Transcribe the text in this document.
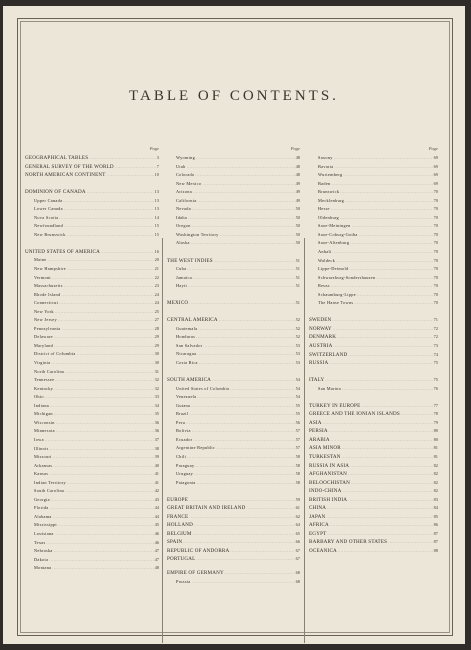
TABLE OF CONTENTS.
Page
GEOGRAPHICAL TABLES .....	3
GENERAL SURVEY OF THE WORLD .....	7
NORTH AMERICAN CONTINENT .....	10
DOMINION OF CANADA .....	13
Upper Canada .....	13
Lower Canada .....	13
Nova Scotia .....	14
Newfoundland .....	15
New Brunswick .....	15
UNITED STATES OF AMERICA .....	16
Maine .....	20
New Hampshire .....	21
Vermont .....	22
Massachusetts .....	23
Rhode Island .....	24
Connecticut .....	24
New York .....	25
New Jersey .....	27
Pennsylvania .....	28
Delaware .....	29
Maryland .....	29
District of Columbia .....	30
Virginia .....	30
North Carolina .....	31
Tennessee .....	32
Kentucky .....	32
Ohio .....	33
Indiana .....	34
Michigan .....	35
Wisconsin .....	36
Minnesota .....	36
Iowa .....	37
Illinois .....	38
Missouri .....	39
Arkansas .....	40
Kansas .....	41
Indian Territory .....	41
South Carolina .....	42
Georgia .....	43
Florida .....	44
Alabama .....	44
Mississippi .....	45
Louisiana .....	46
Texas .....	46
Nebraska .....	47
Dakota .....	47
Montana .....	48
Page
Wyoming .....	48
Utah .....	48
Colorado .....	48
New Mexico .....	49
Arizona .....	49
California .....	49
Nevada .....	50
Idaho .....	50
Oregon .....	50
Washington Territory .....	50
Alaska .....	50
THE WEST INDIES .....	51
Cuba .....	51
Jamaica .....	51
Hayti .....	51
MEXICO .....	51
CENTRAL AMERICA .....	52
Guatemala .....	52
Honduras .....	52
San Salvador .....	53
Nicaragua .....	53
Costa Rica .....	53
SOUTH AMERICA .....	54
United States of Colombia .....	54
Venezuela .....	54
Guiana .....	55
Brazil .....	55
Peru .....	56
Bolivia .....	57
Ecuador .....	57
Argentine Republic .....	57
Chili .....	58
Paraguay .....	58
Uruguay .....	58
Patagonia .....	58
EUROPE .....	59
GREAT BRITAIN AND IRELAND .....	61
FRANCE .....	62
HOLLAND .....	64
BELGIUM .....	65
SPAIN .....	66
REPUBLIC OF ANDORRA .....	67
PORTUGAL .....	67
EMPIRE OF GERMANY .....	68
Prussia .....	68
Page
Saxony .....	69
Bavaria .....	69
Wurtemberg .....	69
Baden .....	69
Brunswick .....	70
Mecklenburg .....	70
Hesse .....	70
Oldenburg .....	70
Saxe-Meiningen .....	70
Saxe-Coburg-Gotha .....	70
Saxe-Altenburg .....	70
Anhalt .....	70
Waldeck .....	70
Lippe-Detmold .....	70
Schwarzburg-Sondershausen .....	70
Reuss .....	70
Schaumburg-Lippe .....	70
The Hanse Towns .....	70
SWEDEN .....	71
NORWAY .....	72
DENMARK .....	72
AUSTRIA .....	73
SWITZERLAND .....	74
RUSSIA .....	75
ITALY .....	75
San Marino .....	76
TURKEY IN EUROPE .....	77
GREECE AND THE IONIAN ISLANDS .....	78
ASIA .....	79
PERSIA .....	80
ARABIA .....	80
ASIA MINOR .....	81
TURKESTAN .....	81
RUSSIA IN ASIA .....	82
AFGHANISTAN .....	82
BELOOCHISTAN .....	82
INDO-CHINA .....	82
BRITISH INDIA .....	83
CHINA .....	84
JAPAN .....	85
AFRICA .....	86
EGYPT .....	87
BARBARY AND OTHER STATES .....	87
OCEANICA .....	88
